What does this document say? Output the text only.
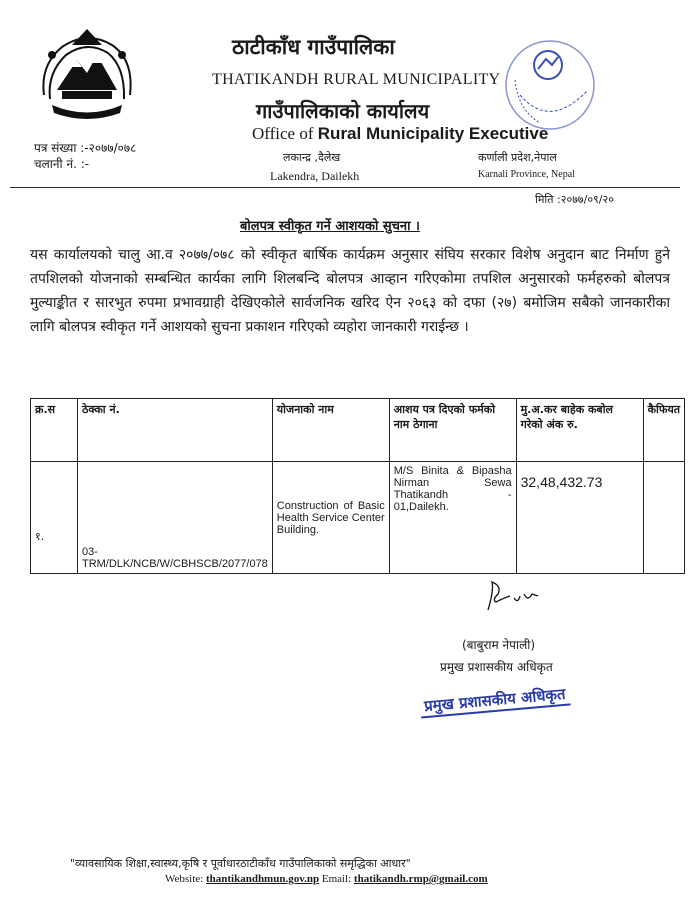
ठाटीकाँध गाउँपालिका
THATIKANDH RURAL MUNICIPALITY
गाउँपालिकाको कार्यालय
Office of Rural Municipality Executive
पत्र संख्या :-२०७७/०७८
चलानी नं. :-	लकान्द्र ,दैलेख
Lakendra, Dailekh
कर्णाली प्रदेश,नेपाल
Karnali Province, Nepal
मिति :२०७७/०९/२०
बोलपत्र स्वीकृत गर्ने आशयको सुचना ।
यस कार्यालयको चालु आ.व २०७७/०७८ को स्वीकृत बार्षिक कार्यक्रम अनुसार संघिय सरकार विशेष अनुदान बाट निर्माण हुने तपशिलको योजनाको सम्बन्धित कार्यका लागि शिलबन्दि बोलपत्र आव्हान गरिएकोमा तपशिल अनुसारको फर्महरुको बोलपत्र मुल्याङ्कीत र सारभुत रुपमा प्रभावग्राही देखिएकोले सार्वजनिक खरिद ऐन २०६३ को दफा (२७) बमोजिम सबैको जानकारीका लागि बोलपत्र स्वीकृत गर्ने आशयको सुचना प्रकाशन गरिएको व्यहोरा जानकारी गराईन्छ ।
क्र.स	ठेक्का नं.	योजनाको नाम	आशय पत्र दिएको फर्मको नाम ठेगाना	मु.अ.कर बाहेक कबोल गरेको अंक रु.	कैफियत
१.	03-TRM/DLK/NCB/W/CBHSCB/2077/078	Construction of Basic Health Service Center Building.	M/S Binita & Bipasha Nirman Sewa Thatikandh - 01,Dailekh.	32,48,432.73	
(बाबुराम नेपाली)
प्रमुख प्रशासकीय अधिकृत
प्रमुख प्रशासकीय अधिकृत
"व्यावसायिक शिक्षा,स्वास्थ्य,कृषि र पूर्वाधारठाटीकाँध गाउँपालिकाको समृद्धिका आधार"
Website: thantikandhmun.gov.np Email: thatikandh.rmp@gmail.com
